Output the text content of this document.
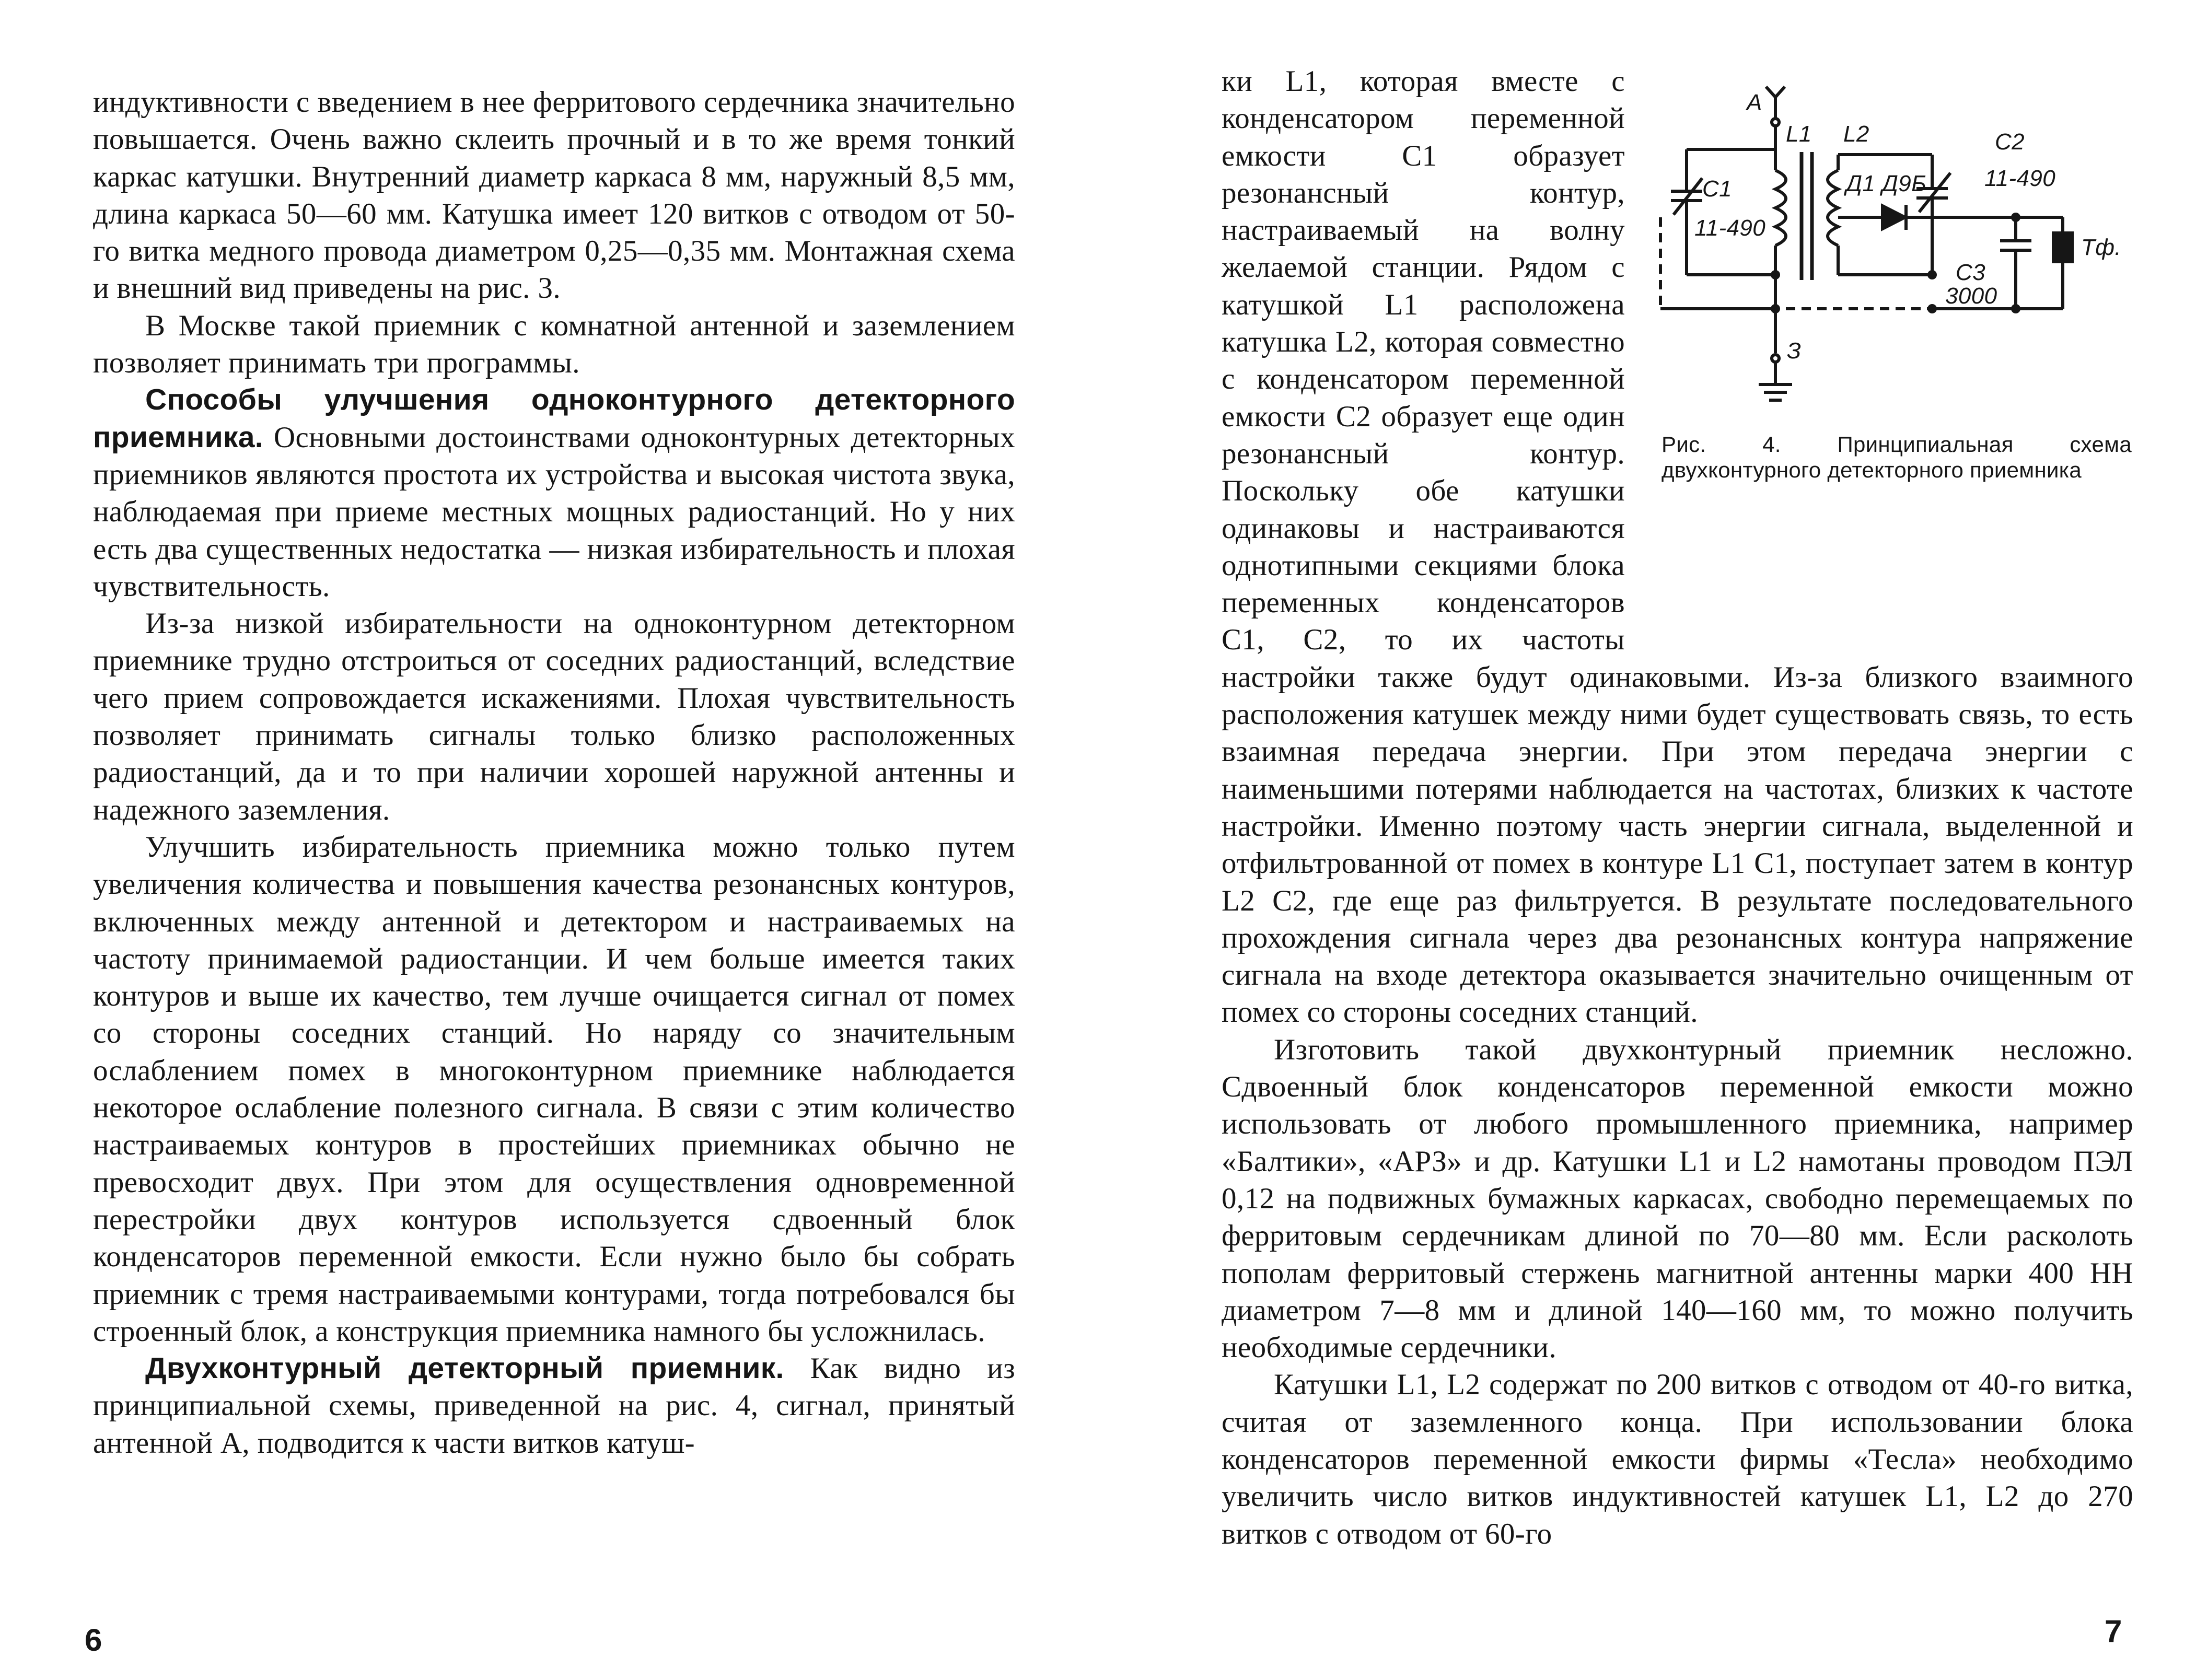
индуктивности с введением в нее ферритового сердечника значительно повышается. Очень важно склеить прочный и в то же время тонкий каркас катушки. Внутренний диаметр каркаса 8 мм, наружный 8,5 мм, длина каркаса 50—60 мм. Катушка имеет 120 витков с отводом от 50-го витка медного провода диаметром 0,25—0,35 мм. Монтажная схема и внешний вид приведены на рис. 3.

В Москве такой приемник с комнатной антенной и заземлением позволяет принимать три программы.

Способы улучшения одноконтурного детекторного приемника. Основными достоинствами одноконтурных детекторных приемников являются простота их устройства и высокая чистота звука, наблюдаемая при приеме местных мощных радиостанций. Но у них есть два существенных недостатка — низкая избирательность и плохая чувствительность.

Из-за низкой избирательности на одноконтурном детекторном приемнике трудно отстроиться от соседних радиостанций, вследствие чего прием сопровождается искажениями. Плохая чувствительность позволяет принимать сигналы только близко расположенных радиостанций, да и то при наличии хорошей наружной антенны и надежного заземления.

Улучшить избирательность приемника можно только путем увеличения количества и повышения качества резонансных контуров, включенных между антенной и детектором и настраиваемых на частоту принимаемой радиостанции. И чем больше имеется таких контуров и выше их качество, тем лучше очищается сигнал от помех со стороны соседних станций. Но наряду со значительным ослаблением помех в многоконтурном приемнике наблюдается некоторое ослабление полезного сигнала. В связи с этим количество настраиваемых контуров в простейших приемниках обычно не превосходит двух. При этом для осуществления одновременной перестройки двух контуров используется сдвоенный блок конденсаторов переменной емкости. Если нужно было бы собрать приемник с тремя настраиваемыми контурами, тогда потребовался бы строенный блок, а конструкция приемника намного бы усложнилась.

Двухконтурный детекторный приемник. Как видно из принципиальной схемы, приведенной на рис. 4, сигнал, принятый антенной А, подводится к части витков катуш-

A
L1 L2
C1
11-490
C2
11-490
Д1 Д9Б
C3
3000
Тф.
З
Рис. 4. Принципиальная схема двухконтурного детекторного приемника

ки L1, которая вместе с конденсатором переменной емкости C1 образует резонансный контур, настраиваемый на волну желаемой станции. Рядом с катушкой L1 расположена катушка L2, которая совместно с конденсатором переменной емкости C2 образует еще один резонансный контур. Поскольку обе катушки одинаковы и настраиваются однотипными секциями блока переменных конденсаторов C1, C2, то их частоты настройки также будут одинаковыми. Из-за близкого взаимного расположения катушек между ними будет существовать связь, то есть взаимная передача энергии. При этом передача энергии с наименьшими потерями наблюдается на частотах, близких к частоте настройки. Именно поэтому часть энергии сигнала, выделенной и отфильтрованной от помех в контуре L1 C1, поступает затем в контур L2 C2, где еще раз фильтруется. В результате последовательного прохождения сигнала через два резонансных контура напряжение сигнала на входе детектора оказывается значительно очищенным от помех со стороны соседних станций.

Изготовить такой двухконтурный приемник несложно. Сдвоенный блок конденсаторов переменной емкости можно использовать от любого промышленного приемника, например «Балтики», «АРЗ» и др. Катушки L1 и L2 намотаны проводом ПЭЛ 0,12 на подвижных бумажных каркасах, свободно перемещаемых по ферритовым сердечникам длиной по 70—80 мм. Если расколоть пополам ферритовый стержень магнитной антенны марки 400 НН диаметром 7—8 мм и длиной 140—160 мм, то можно получить необходимые сердечники.

Катушки L1, L2 содержат по 200 витков с отводом от 40-го витка, считая от заземленного конца. При использовании блока конденсаторов переменной емкости фирмы «Тесла» необходимо увеличить число витков индуктивностей катушек L1, L2 до 270 витков с отводом от 60-го

6	7
